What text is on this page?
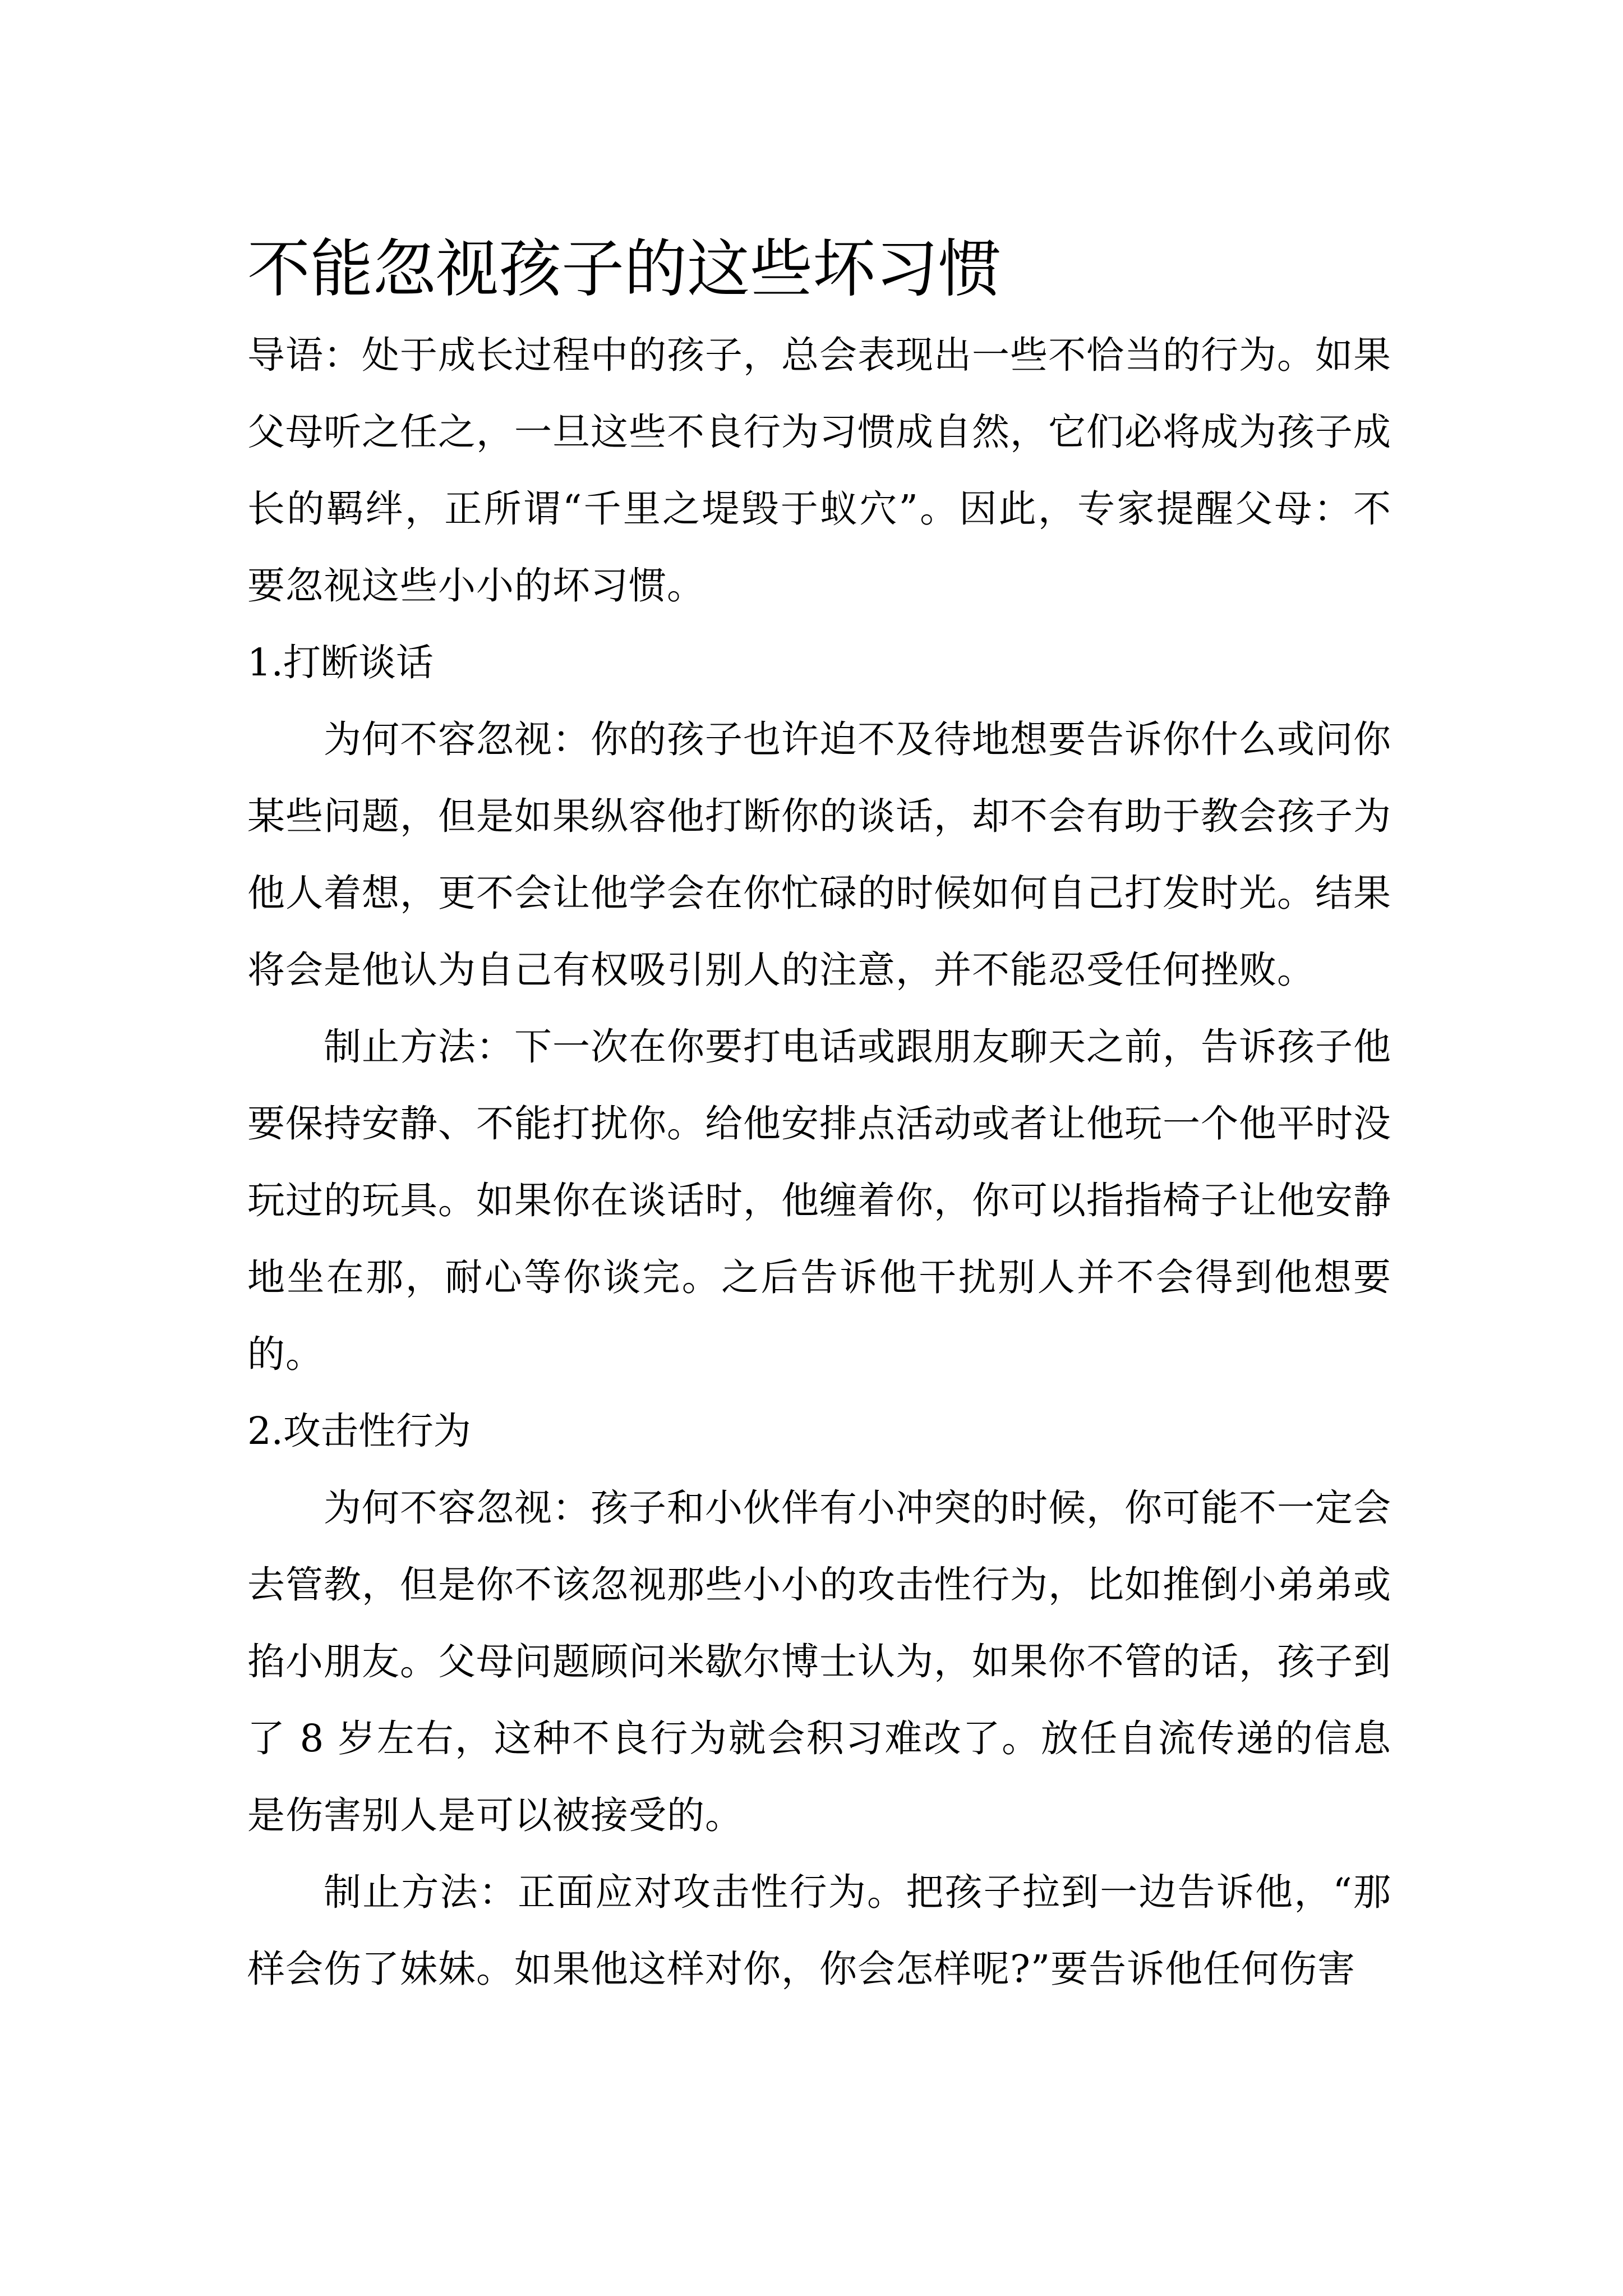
不能忽视孩子的这些坏习惯

导语：处于成长过程中的孩子，总会表现出一些不恰当的行为。如果父母听之任之，一旦这些不良行为习惯成自然，它们必将成为孩子成长的羁绊，正所谓“千里之堤毁于蚁穴”。因此，专家提醒父母：不要忽视这些小小的坏习惯。

1.打断谈话

为何不容忽视：你的孩子也许迫不及待地想要告诉你什么或问你某些问题，但是如果纵容他打断你的谈话，却不会有助于教会孩子为他人着想，更不会让他学会在你忙碌的时候如何自己打发时光。结果将会是他认为自己有权吸引别人的注意，并不能忍受任何挫败。

制止方法：下一次在你要打电话或跟朋友聊天之前，告诉孩子他要保持安静、不能打扰你。给他安排点活动或者让他玩一个他平时没玩过的玩具。如果你在谈话时，他缠着你，你可以指指椅子让他安静地坐在那，耐心等你谈完。之后告诉他干扰别人并不会得到他想要的。

2.攻击性行为

为何不容忽视：孩子和小伙伴有小冲突的时候，你可能不一定会去管教，但是你不该忽视那些小小的攻击性行为，比如推倒小弟弟或掐小朋友。父母问题顾问米歇尔博士认为，如果你不管的话，孩子到了 8 岁左右，这种不良行为就会积习难改了。放任自流传递的信息是伤害别人是可以被接受的。

制止方法：正面应对攻击性行为。把孩子拉到一边告诉他，“那样会伤了妹妹。如果他这样对你，你会怎样呢?”要告诉他任何伤害
